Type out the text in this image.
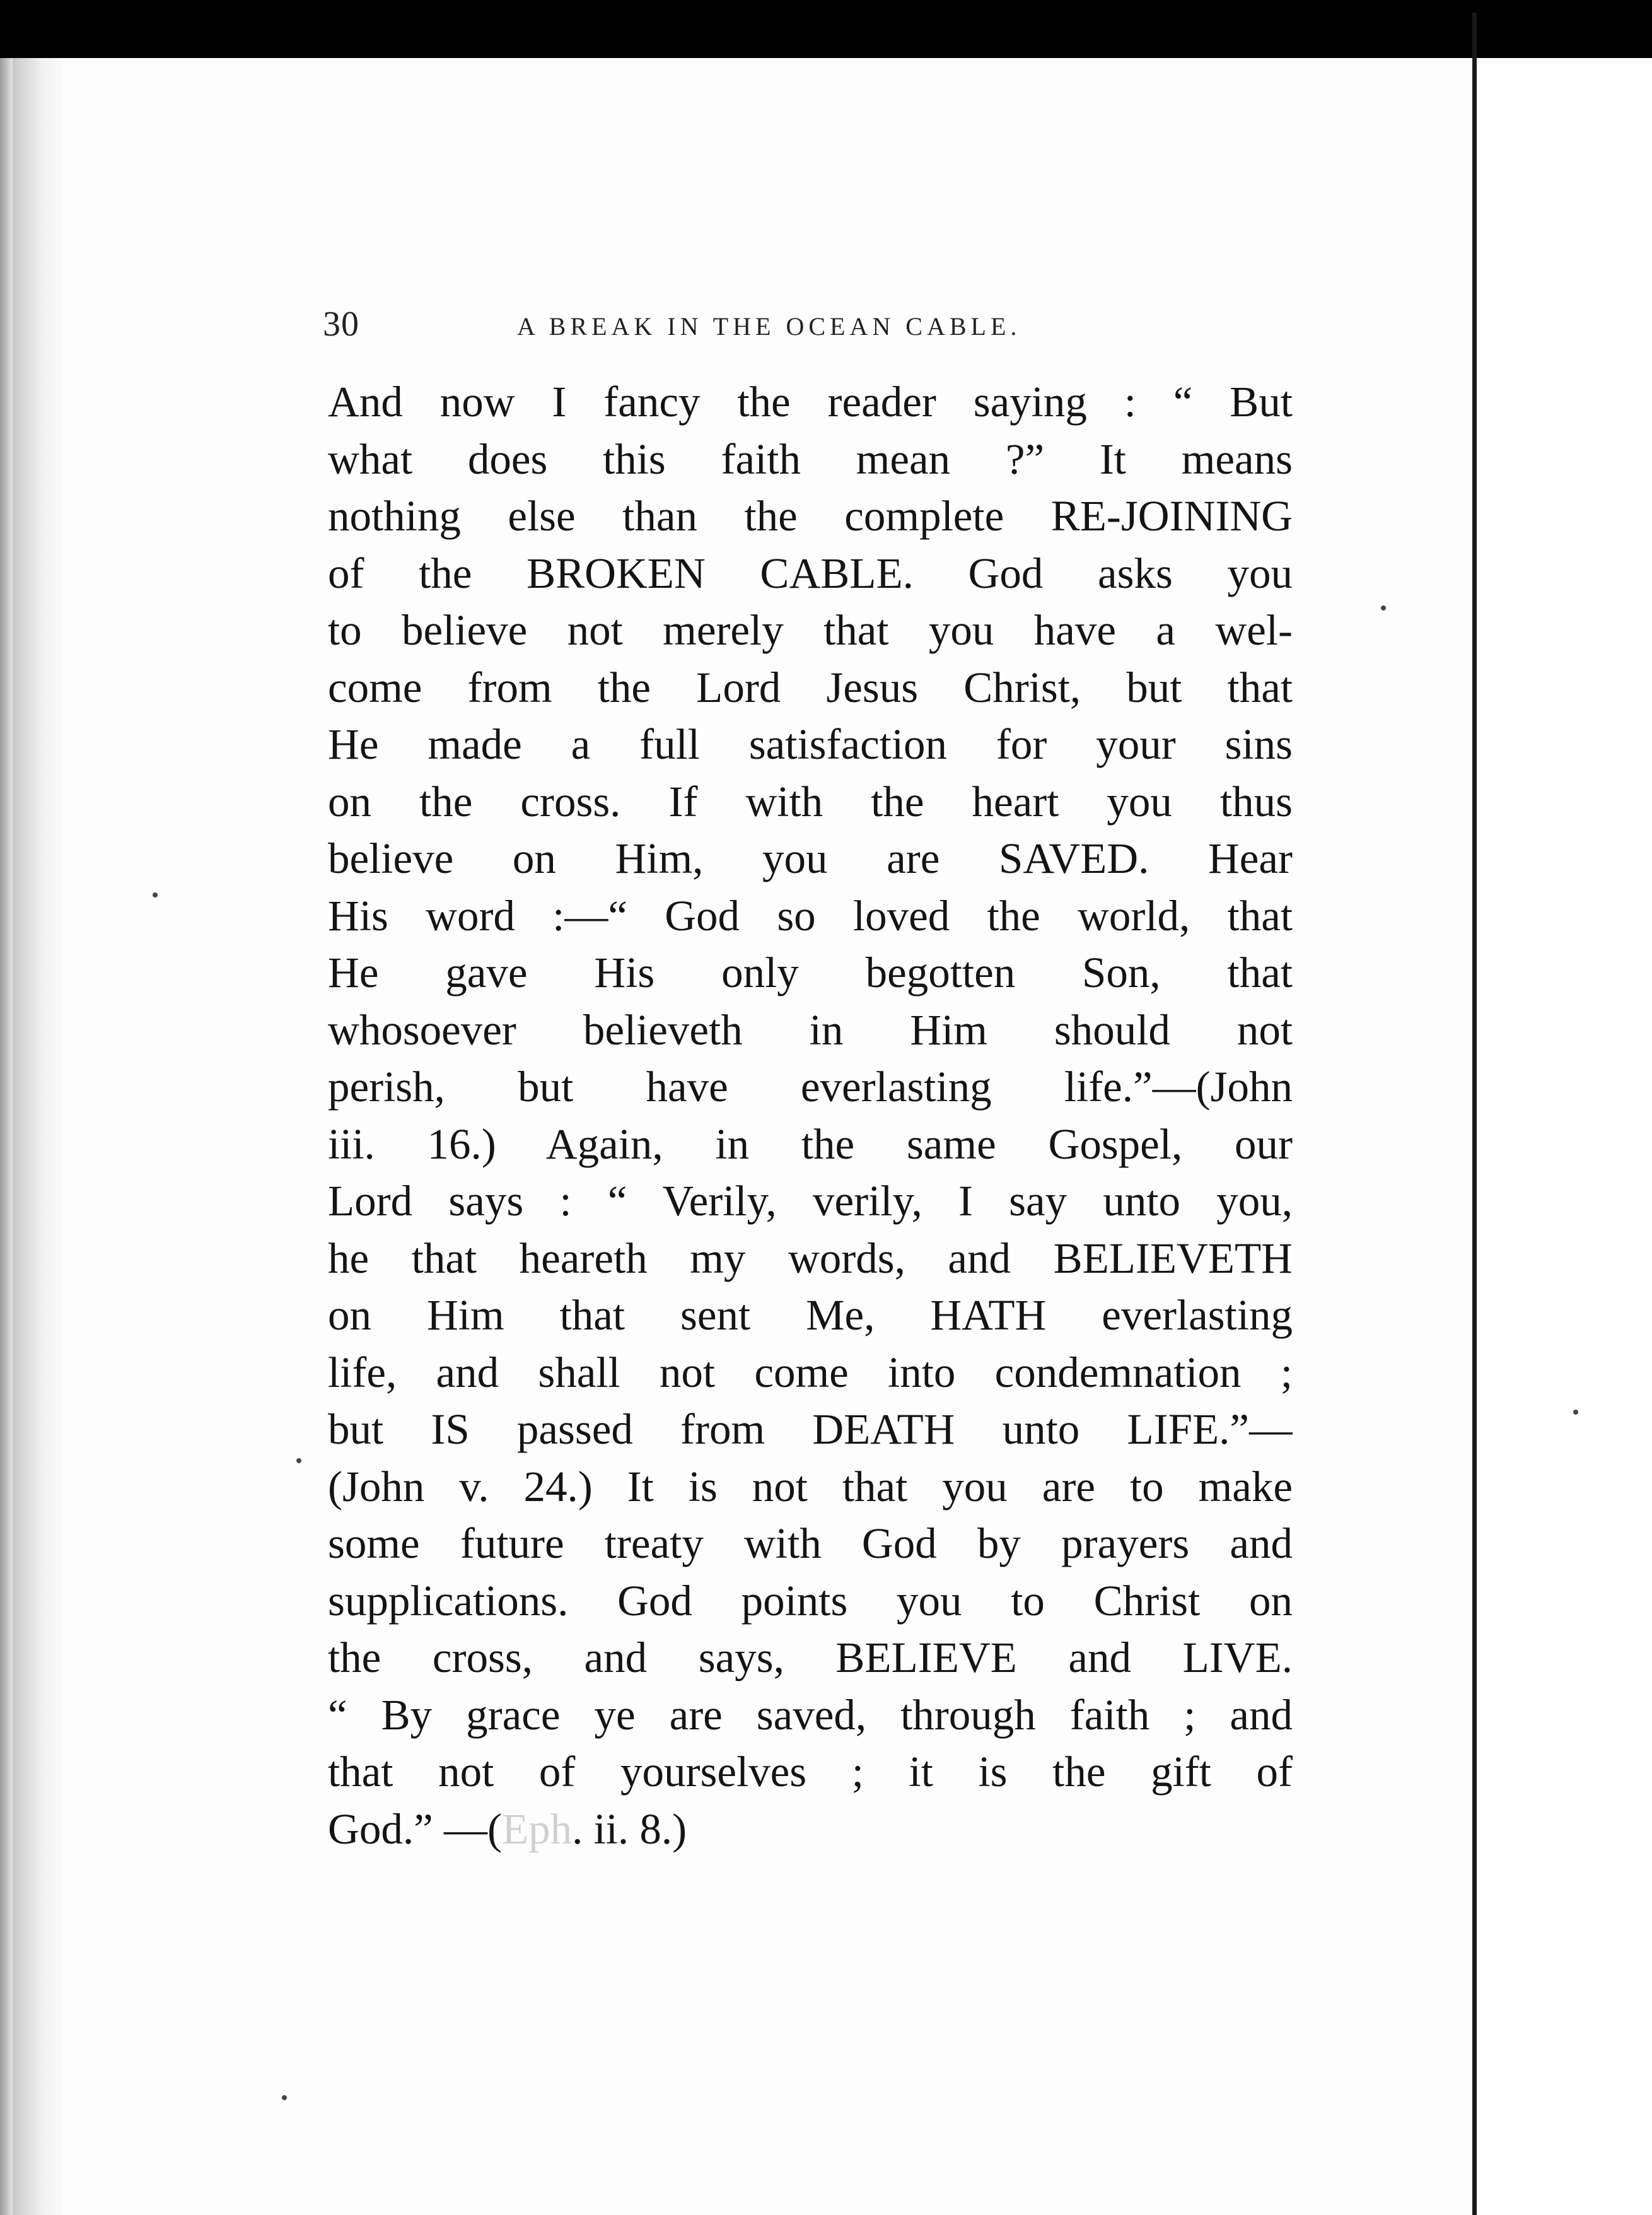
30	A BREAK IN THE OCEAN CABLE.
And now I fancy the reader saying : “ But
what does this faith mean ?” It means
nothing else than the complete RE-JOINING
of the BROKEN CABLE. God asks you
to believe not merely that you have a wel-
come from the Lord Jesus Christ, but that
He made a full satisfaction for your sins
on the cross. If with the heart you thus
believe on Him, you are SAVED. Hear
His word :—“ God so loved the world, that
He gave His only begotten Son, that
whosoever believeth in Him should not
perish, but have everlasting life.”—(John
iii. 16.) Again, in the same Gospel, our
Lord says : “ Verily, verily, I say unto you,
he that heareth my words, and BELIEVETH
on Him that sent Me, HATH everlasting
life, and shall not come into condemnation ;
but IS passed from DEATH unto LIFE.”—
(John v. 24.) It is not that you are to make
some future treaty with God by prayers and
supplications. God points you to Christ on
the cross, and says, BELIEVE and LIVE.
“ By grace ye are saved, through faith ; and
that not of yourselves ; it is the gift of
God.” —(Eph. ii. 8.)
